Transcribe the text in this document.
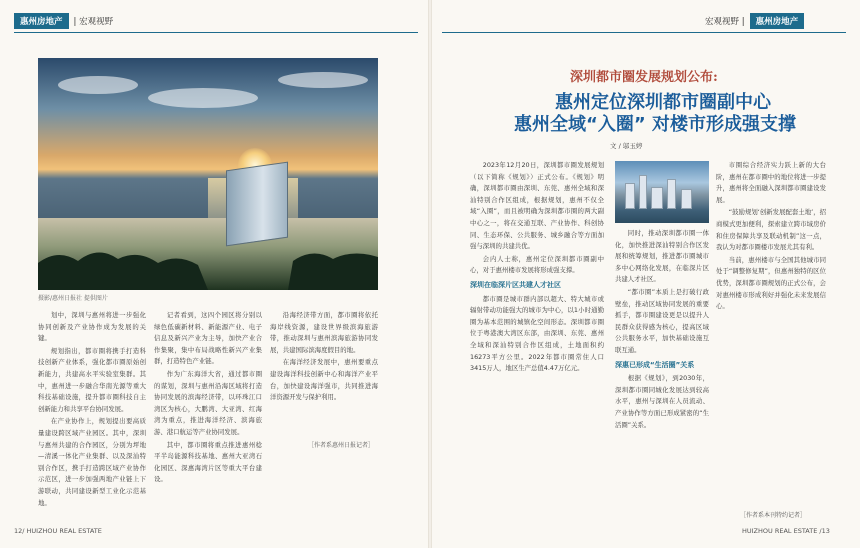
惠州房地产	| 宏观视野
摄影/惠州日报社 提供图片

划中，深圳与惠州将进一步强化协同创新及产业协作成为发展的关键。

规划指出，都市圈将携手打造科技创新产业体系，强化都市圈原始创新能力，共建高水平实验室集群。其中，惠州进一步融合华南光源等重大科技基础设施，提升都市圈科技自主创新能力和共享平台协同发展。

在产业协作上，规划提出要高质量建设跨区域产业园区。其中，深圳与惠州共建的合作园区，分别为坪地—清溪一体化产业集群、以及深汕特别合作区，携手打造跨区域产业协作示范区，进一步加强两地产业链上下游联动，共同建设新型工业化示范基地。

记者看到，这四个园区将分别以绿色低碳新材料、新能源产业、电子信息及新兴产业为主导，加快产业合作集聚，集中布局战略性新兴产业集群，打造特色产业链。

作为广东海洋大省，通过都市圈的谋划，深圳与惠州沿海区域将打造协同发展的滨海经济带，以环珠江口湾区为核心，大鹏湾、大亚湾、红海湾为重点，推进海洋经济、滨海旅游、港口航运等产业协同发展。

其中，都市圈将重点推进惠州稔平半岛能源科技基地、惠州大亚湾石化园区、深惠海湾片区等重大平台建设。

沿海经济带方面，都市圈将依托海岸线资源，建设世界级滨海旅游带，推动深圳与惠州滨海旅游协同发展，共建国际滨海度假目的地。

在海洋经济发展中，惠州要重点建设海洋科技创新中心和海洋产业平台，加快建设海洋强市，共同推进海洋资源开发与保护利用。

［作者系惠州日报记者］
12/ HUIZHOU REAL ESTATE
宏观视野 |	惠州房地产
深圳都市圈发展规划公布:
惠州定位深圳都市圈副中心
惠州全域“入圈” 对楼市形成强支撑
文 / 邬玉婷

2023年12月20日，深圳都市圈发展规划（以下简称《规划》）正式公布。《规划》明确，深圳都市圈由深圳、东莞、惠州全域和深汕特别合作区组成，根据规划，惠州不仅全域“入圈”，而且被明确为深圳都市圈的两大副中心之一，将在交通互联、产业协作、科创协同、生态环保、公共服务、城乡融合等方面加强与深圳的共建共优。

会内人士称，惠州定位深圳都市圈副中心，对于惠州楼市发展将形成强支撑。

深圳在临深片区共建人才社区

都市圈是城市群内部以超大、特大城市或辐射带动功能强大的城市为中心，以1小时通勤圈为基本范围的城镇化空间形态。深圳都市圈位于粤港澳大湾区东部，由深圳、东莞、惠州全域和深汕特别合作区组成，土地面积约16273平方公里。2022年都市圈常住人口3415万人，地区生产总值4.47万亿元。

同时，推动深圳都市圈一体化，加快推进深汕特别合作区发展和统筹规划，推进都市圈城市多中心网络化发展，在临深片区共建人才社区。

“都市圈”本质上是打破行政壁垒，推动区域协同发展的重要抓手，都市圈建设更是以提升人民群众获得感为核心，提高区域公共服务水平，加快基础设施互联互通。

深惠已形成“生活圈”关系

根据《规划》，到2030年，深圳都市圈同城化发展达到较高水平，惠州与深圳在人员流动、产业协作等方面已形成紧密的“生活圈”关系。

市圈综合经济实力跃上新的大台阶，惠州在都市圈中的地位将进一步提升，惠州将全面融入深圳都市圈建设发展。

“鼓励规划‘创新发展配套土地’，招商模式更加便利，探索建立跨市域房价和住房保障共享及联动机制”这一点，我认为对都市圈楼市发展尤其有利。

当前，惠州楼市与全国其他城市同处于“调整修复期”，但惠州独特的区位优势，深圳都市圈规划的正式公布，会对惠州楼市形成利好并强化未来发展信心。

［作者系本刊特约记者］
HUIZHOU REAL ESTATE /13
